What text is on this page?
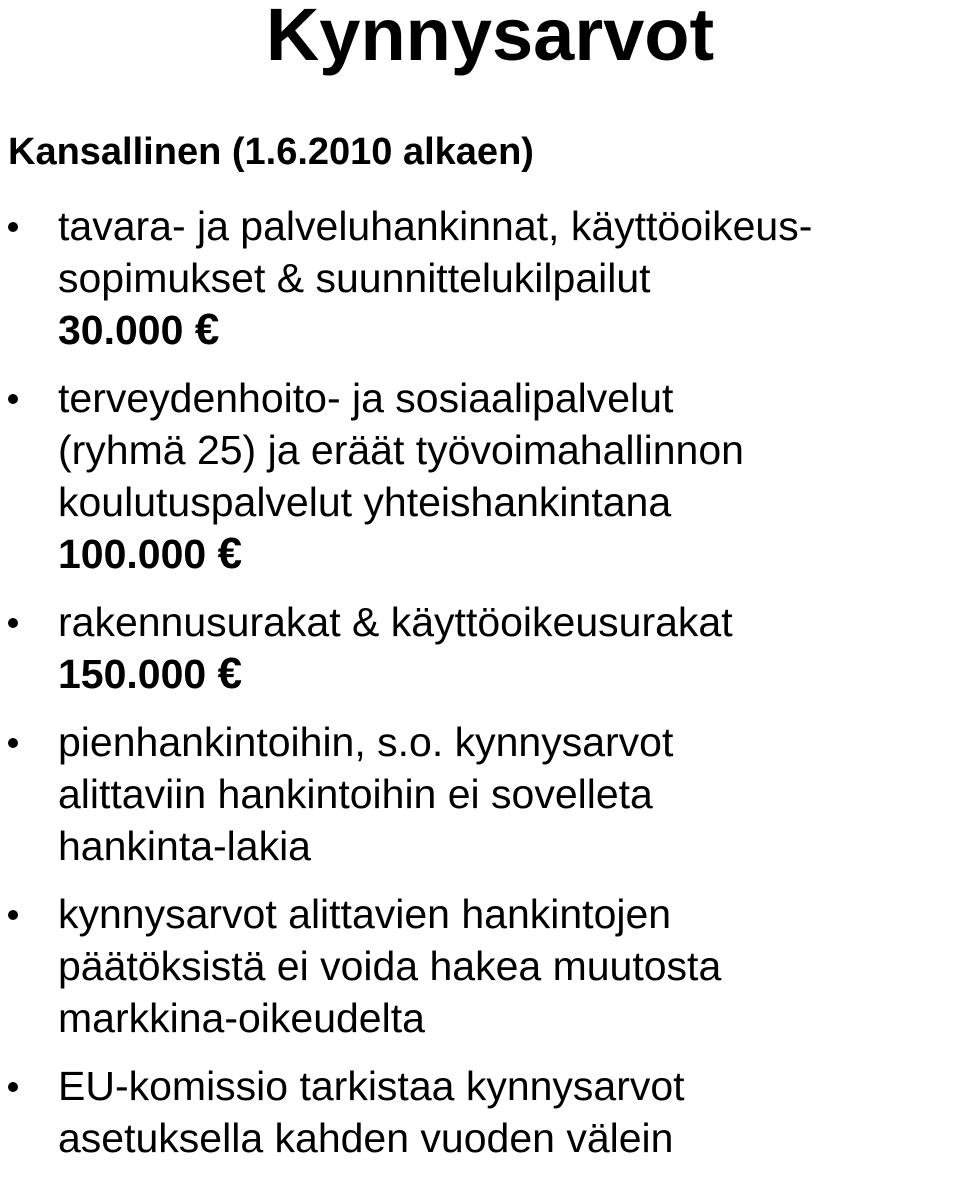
Kynnysarvot
Kansallinen (1.6.2010 alkaen)
tavara- ja palveluhankinnat, käyttöoikeus-
sopimukset & suunnittelukilpailut
30.000 €
terveydenhoito- ja sosiaalipalvelut
(ryhmä 25) ja eräät työvoimahallinnon
koulutuspalvelut yhteishankintana
100.000 €
rakennusurakat & käyttöoikeusurakat
150.000 €
pienhankintoihin, s.o. kynnysarvot
alittaviin hankintoihin ei sovelleta
hankinta-lakia
kynnysarvot alittavien hankintojen
päätöksistä ei voida hakea muutosta
markkina-oikeudelta
EU-komissio tarkistaa kynnysarvot
asetuksella kahden vuoden välein
